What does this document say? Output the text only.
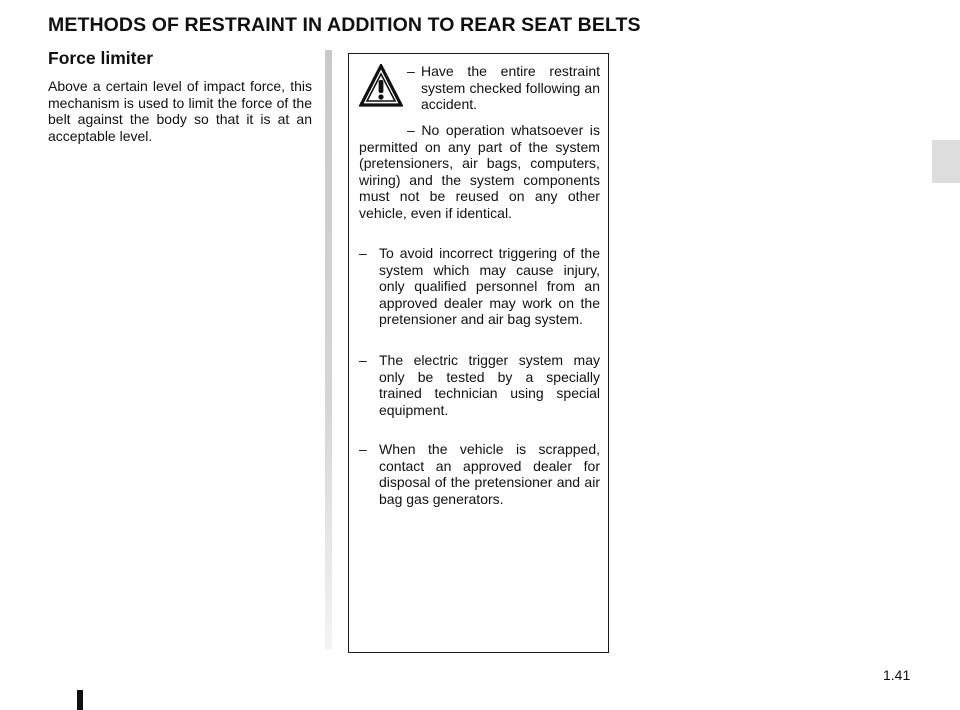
METHODS OF RESTRAINT IN ADDITION TO REAR SEAT BELTS
Force limiter

Above a certain level of impact force, this mechanism is used to limit the force of the belt against the body so that it is at an acceptable level.

– Have the entire restraint system checked following an accident.
– No operation whatsoever is permitted on any part of the system (pretensioners, air bags, computers, wiring) and the system components must not be reused on any other vehicle, even if identical.
– To avoid incorrect triggering of the system which may cause injury, only qualified personnel from an approved dealer may work on the pretensioner and air bag system.
– The electric trigger system may only be tested by a specially trained technician using special equipment.
– When the vehicle is scrapped, contact an approved dealer for disposal of the pretensioner and air bag gas generators.
1.41
